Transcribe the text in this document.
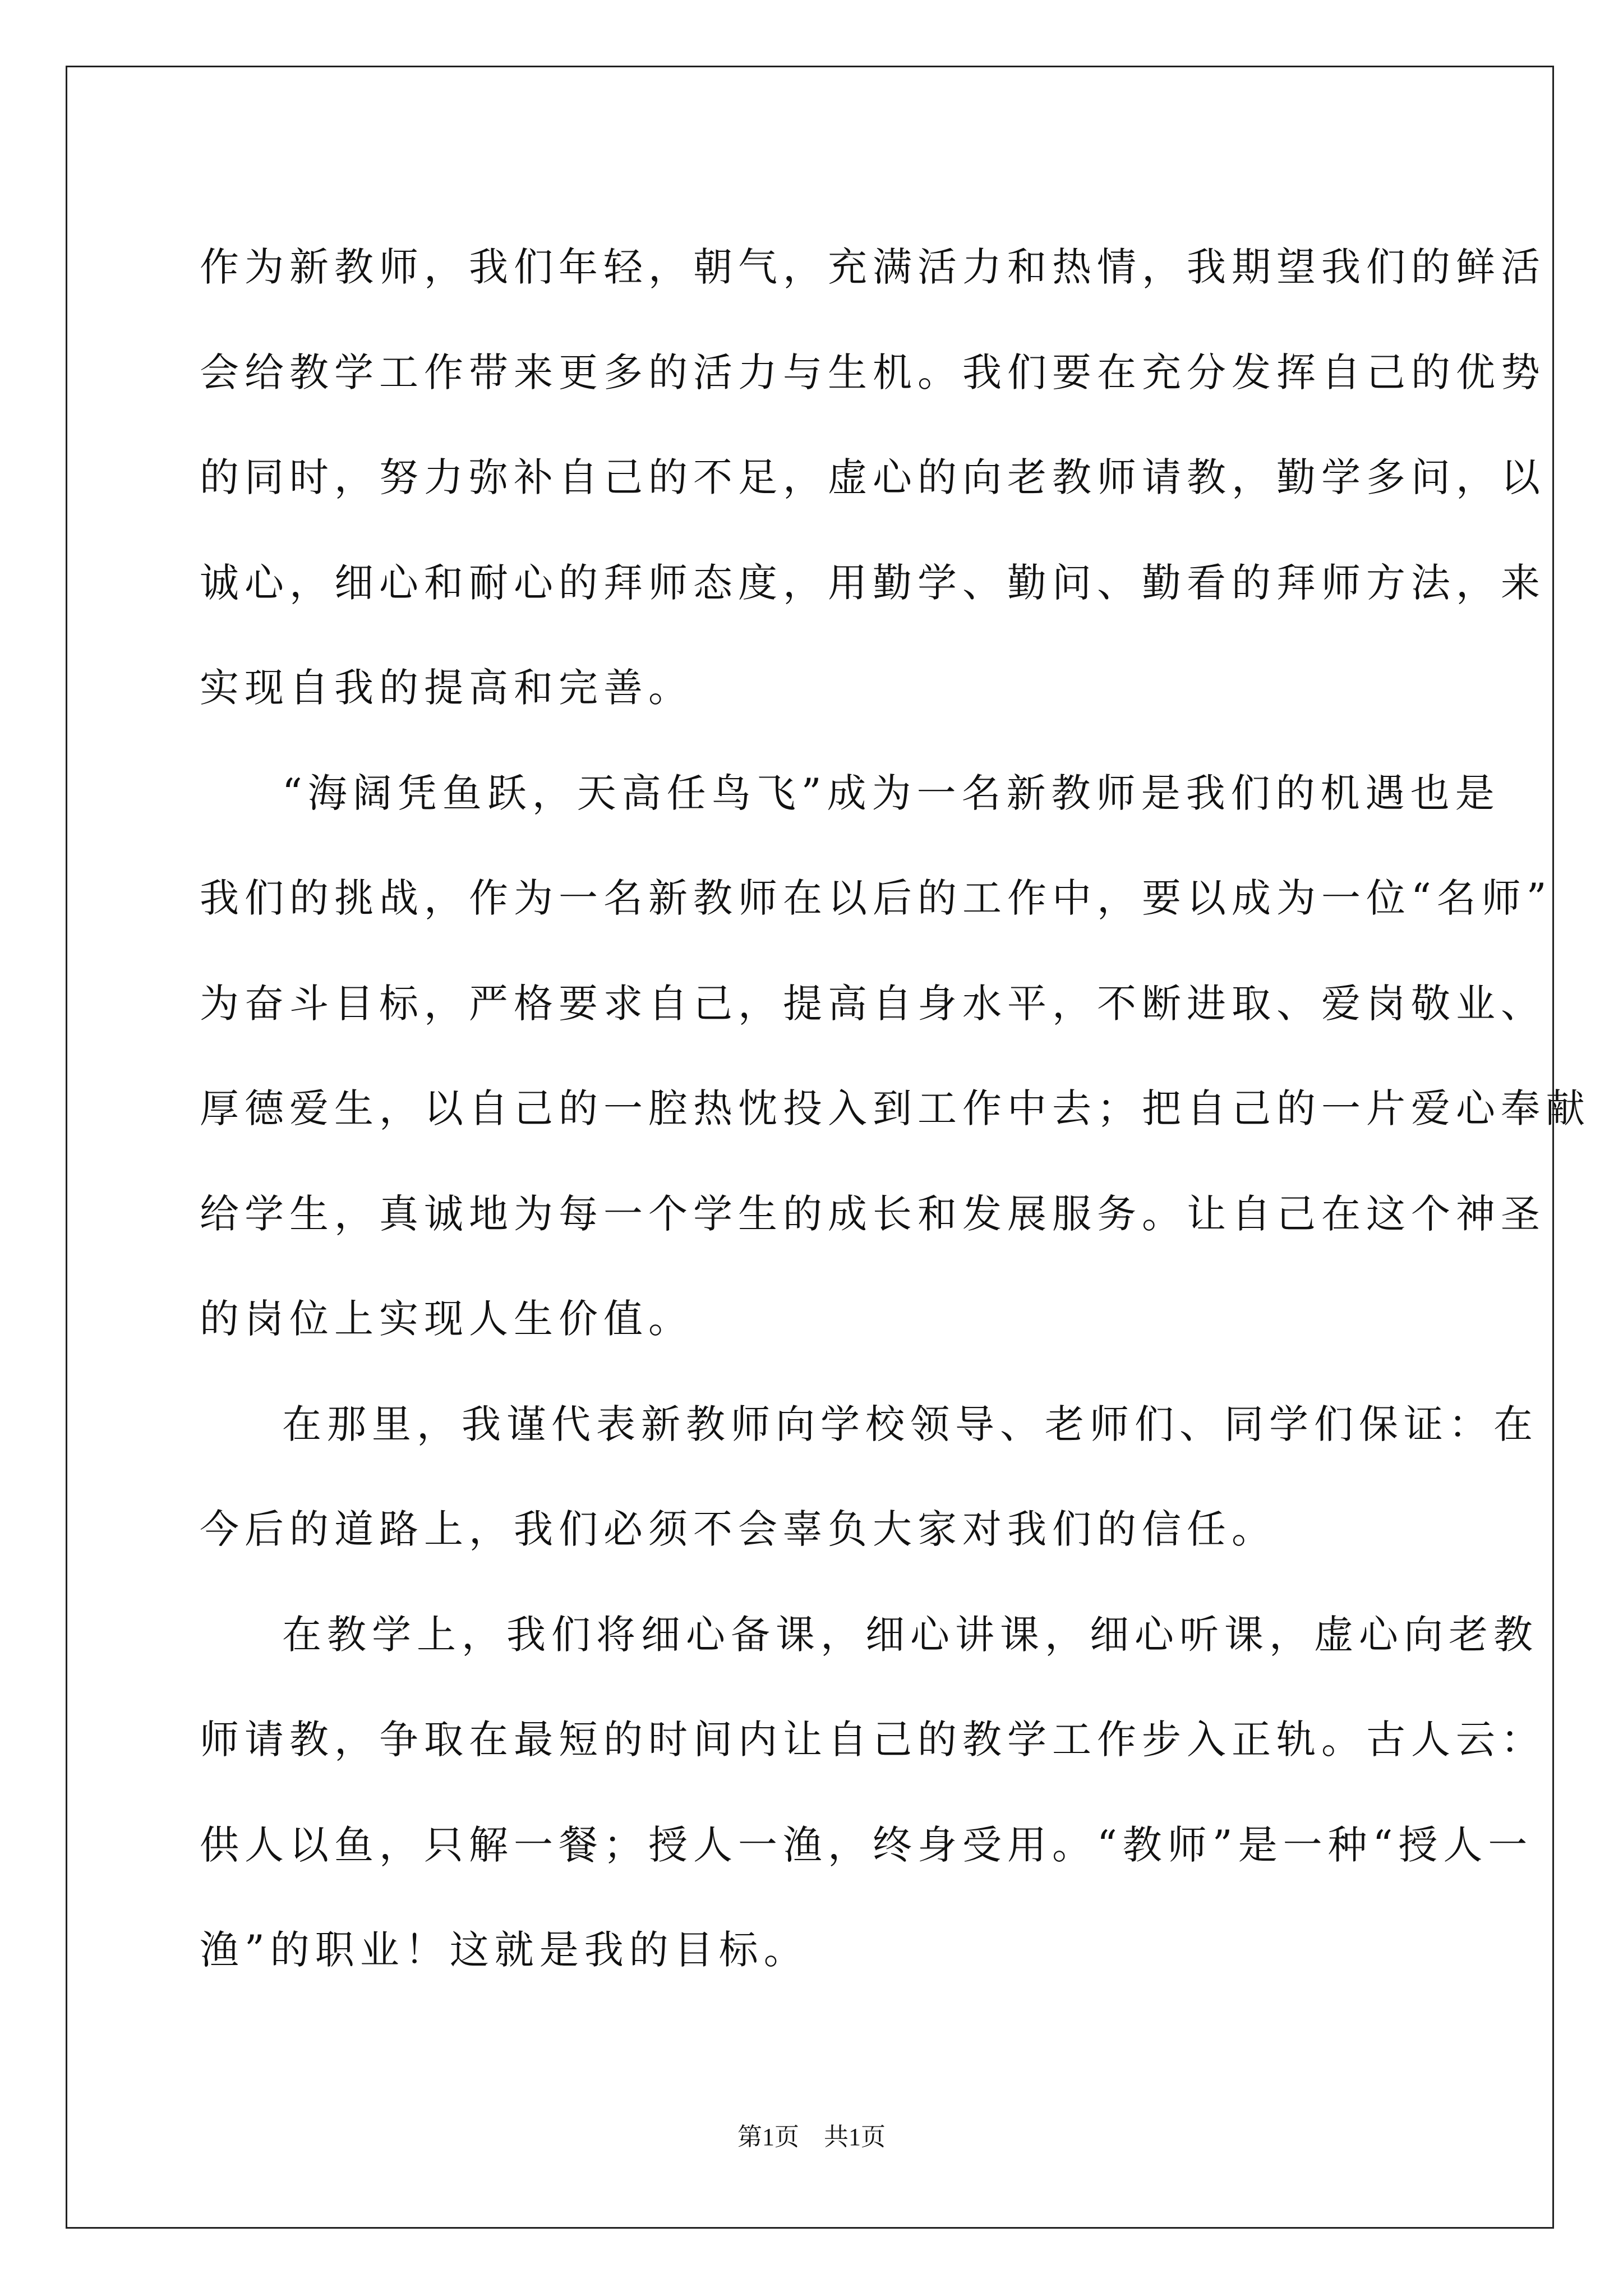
作为新教师，我们年轻，朝气，充满活力和热情，我期望我们的鲜活
会给教学工作带来更多的活力与生机。我们要在充分发挥自己的优势
的同时，努力弥补自己的不足，虚心的向老教师请教，勤学多问，以
诚心，细心和耐心的拜师态度，用勤学、勤问、勤看的拜师方法，来
实现自我的提高和完善。

“海阔凭鱼跃，天高任鸟飞”成为一名新教师是我们的机遇也是
我们的挑战，作为一名新教师在以后的工作中，要以成为一位“名师”
为奋斗目标，严格要求自己，提高自身水平，不断进取、爱岗敬业、
厚德爱生，以自己的一腔热忱投入到工作中去；把自己的一片爱心奉献
给学生，真诚地为每一个学生的成长和发展服务。让自己在这个神圣
的岗位上实现人生价值。

在那里，我谨代表新教师向学校领导、老师们、同学们保证：在
今后的道路上，我们必须不会辜负大家对我们的信任。

在教学上，我们将细心备课，细心讲课，细心听课，虚心向老教
师请教，争取在最短的时间内让自己的教学工作步入正轨。古人云：
供人以鱼，只解一餐；授人一渔，终身受用。“教师”是一种“授人一
渔”的职业！这就是我的目标。

第1页　共1页
